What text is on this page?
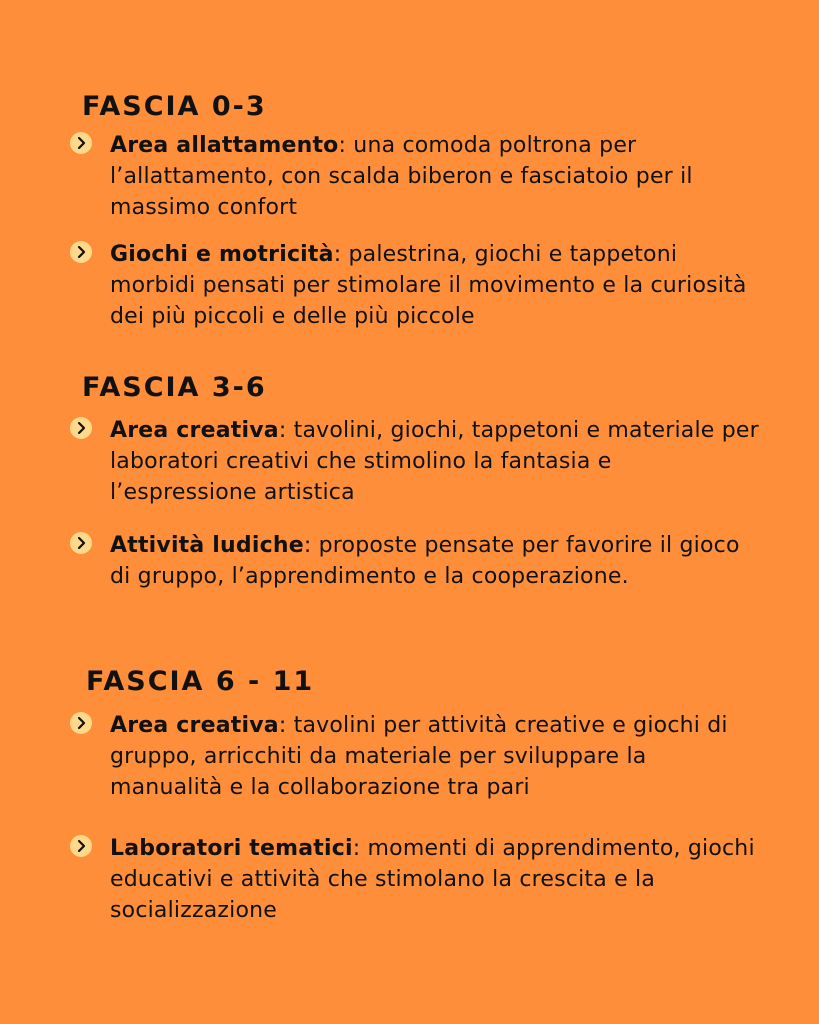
FASCIA 0-3
Area allattamento: una comoda poltrona per l’allattamento, con scalda biberon e fasciatoio per il massimo confort
Giochi e motricità: palestrina, giochi e tappetoni morbidi pensati per stimolare il movimento e la curiosità dei più piccoli e delle più piccole
FASCIA 3-6
Area creativa: tavolini, giochi, tappetoni e materiale per laboratori creativi che stimolino la fantasia e l’espressione artistica
Attività ludiche: proposte pensate per favorire il gioco di gruppo, l’apprendimento e la cooperazione.
FASCIA 6 - 11
Area creativa: tavolini per attività creative e giochi di gruppo, arricchiti da materiale per sviluppare la manualità e la collaborazione tra pari
Laboratori tematici: momenti di apprendimento, giochi educativi e attività che stimolano la crescita e la socializzazione
